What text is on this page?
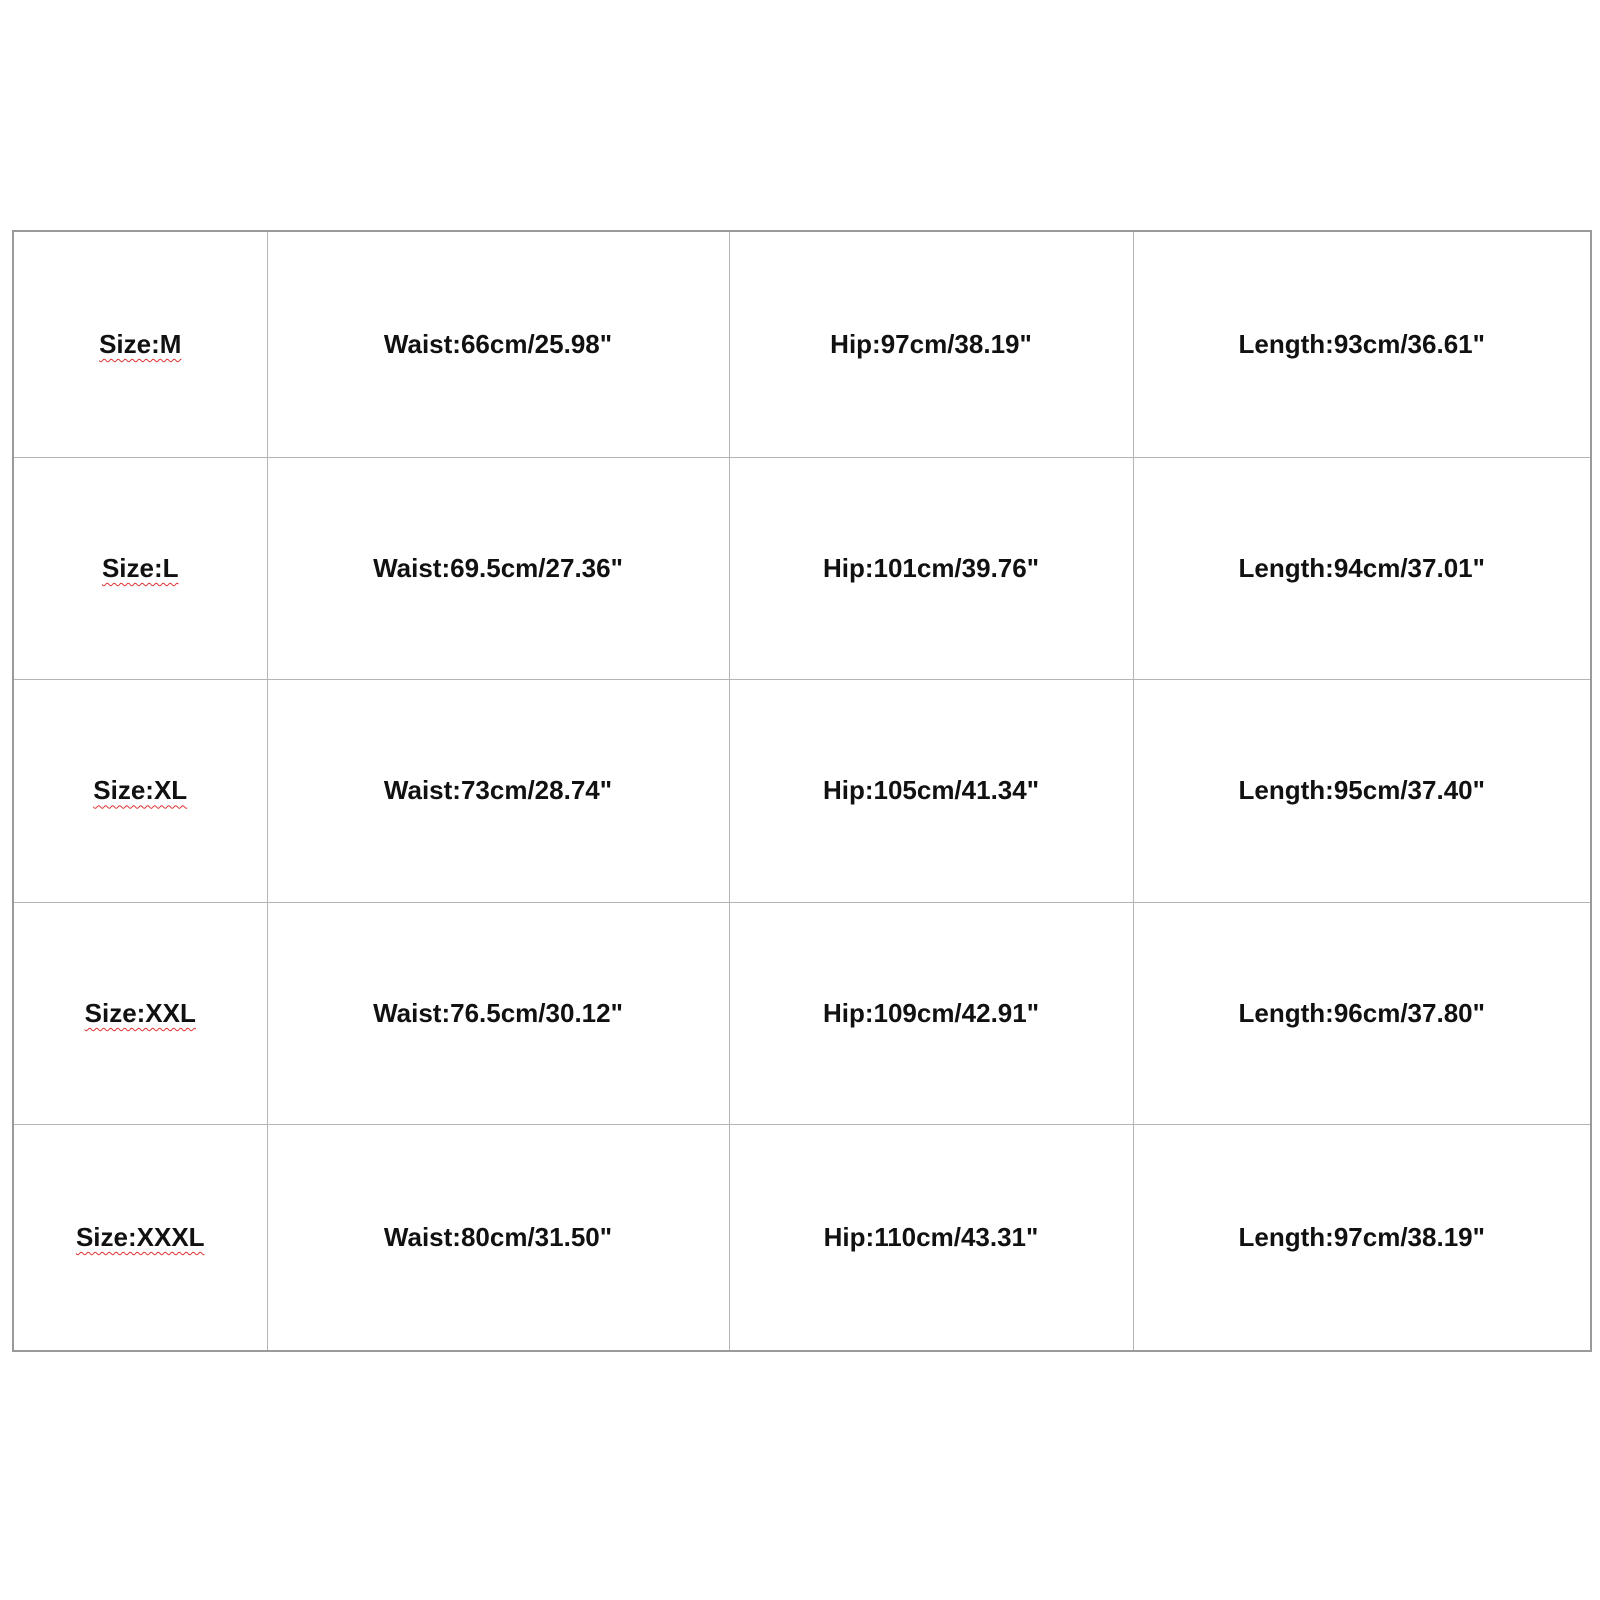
Size:M	Waist:66cm/25.98"	Hip:97cm/38.19"	Length:93cm/36.61"
Size:L	Waist:69.5cm/27.36"	Hip:101cm/39.76"	Length:94cm/37.01"
Size:XL	Waist:73cm/28.74"	Hip:105cm/41.34"	Length:95cm/37.40"
Size:XXL	Waist:76.5cm/30.12"	Hip:109cm/42.91"	Length:96cm/37.80"
Size:XXXL	Waist:80cm/31.50"	Hip:110cm/43.31"	Length:97cm/38.19"
